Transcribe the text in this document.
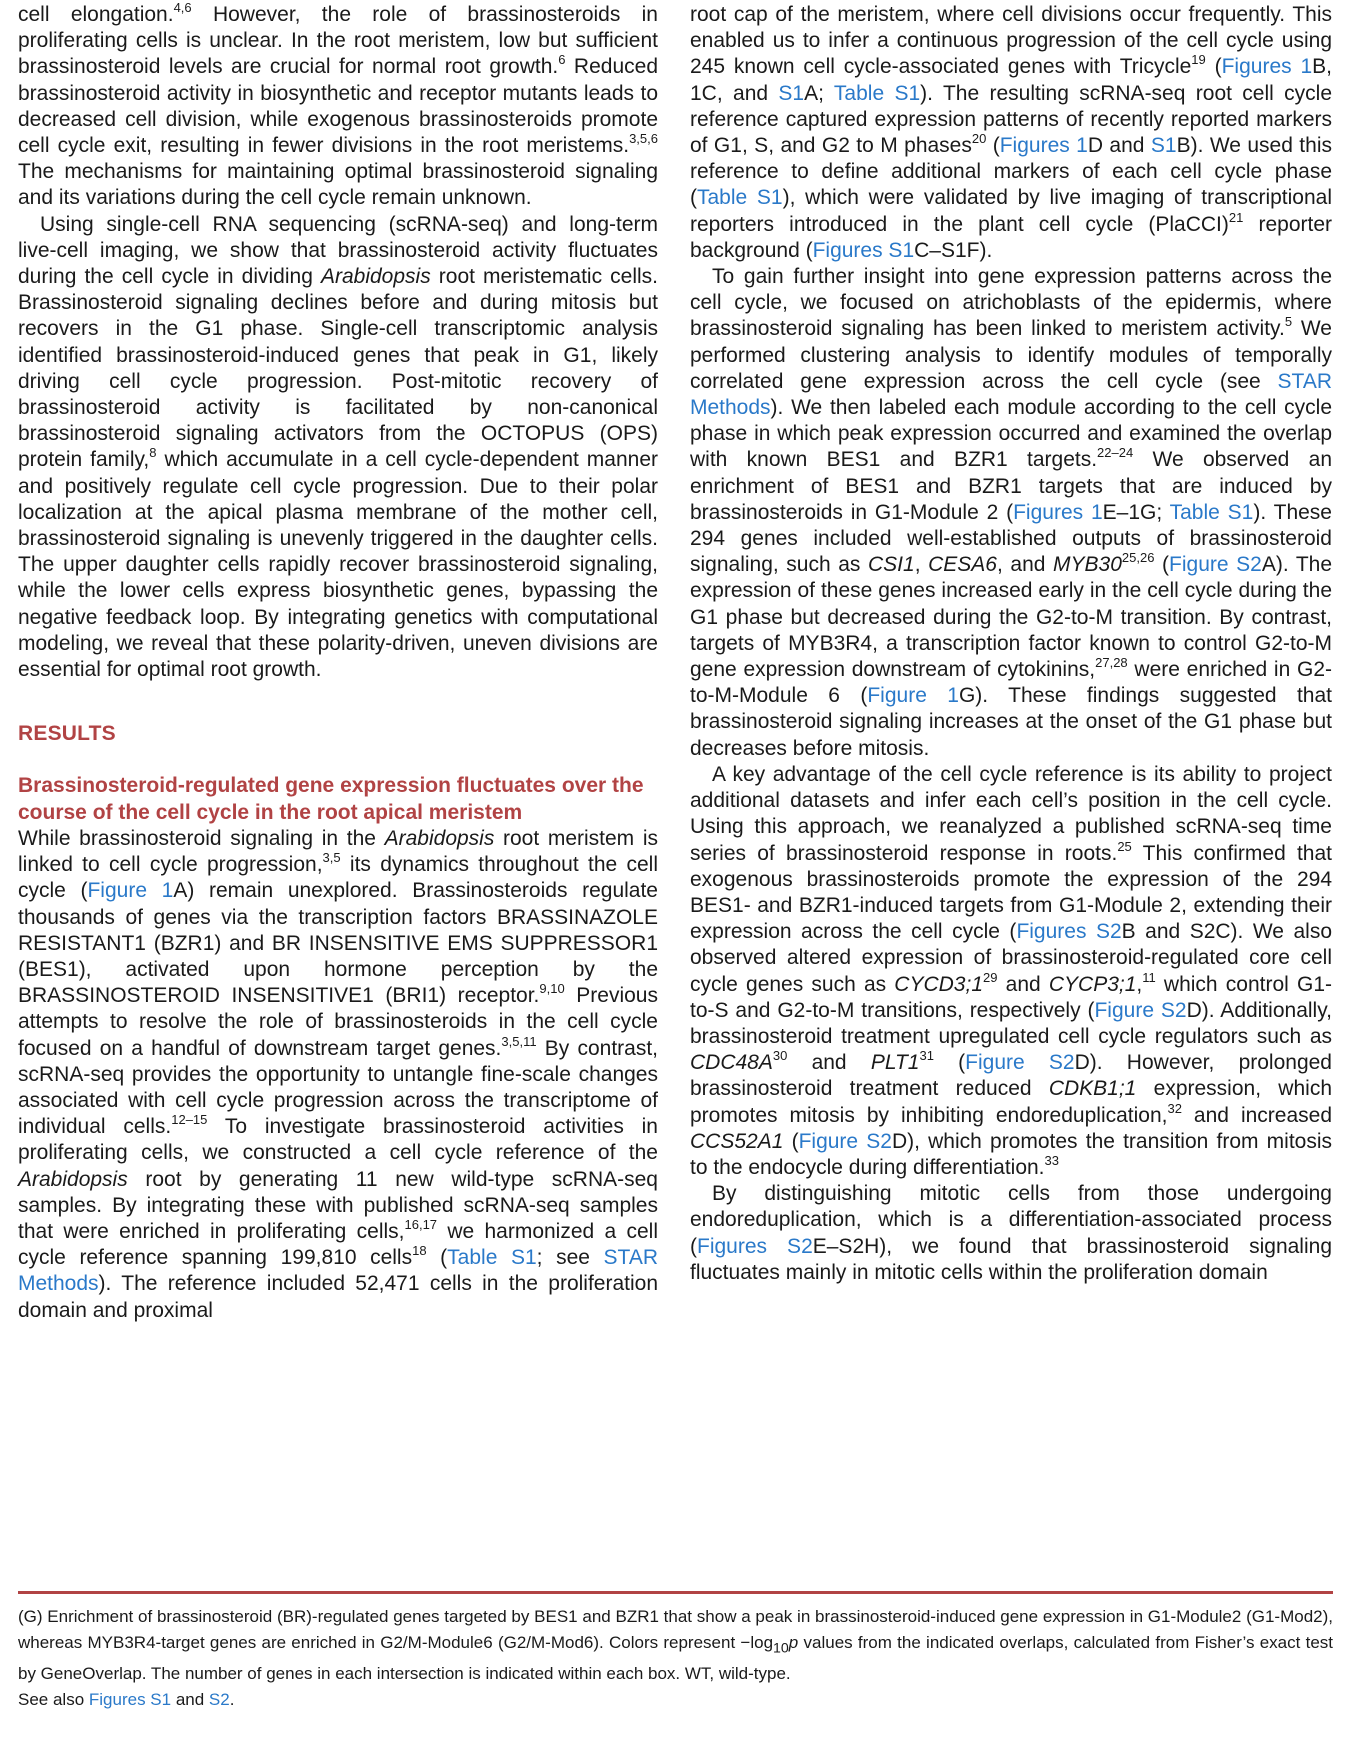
cell elongation.$^{4,6}$ However, the role of brassinosteroids in proliferating cells is unclear. In the root meristem, low but sufficient brassinosteroid levels are crucial for normal root growth.$^6$ Reduced brassinosteroid activity in biosynthetic and receptor mutants leads to decreased cell division, while exogenous brassinosteroids promote cell cycle exit, resulting in fewer divisions in the root meristems.$^{3,5,6}$ The mechanisms for maintaining optimal brassinosteroid signaling and its variations during the cell cycle remain unknown.

Using single-cell RNA sequencing (scRNA-seq) and long-term live-cell imaging, we show that brassinosteroid activity fluctuates during the cell cycle in dividing Arabidopsis root meristematic cells. Brassinosteroid signaling declines before and during mitosis but recovers in the G1 phase. Single-cell transcriptomic analysis identified brassinosteroid-induced genes that peak in G1, likely driving cell cycle progression. Post-mitotic recovery of brassinosteroid activity is facilitated by non-canonical brassinosteroid signaling activators from the OCTOPUS (OPS) protein family,$^8$ which accumulate in a cell cycle-dependent manner and positively regulate cell cycle progression. Due to their polar localization at the apical plasma membrane of the mother cell, brassinosteroid signaling is unevenly triggered in the daughter cells. The upper daughter cells rapidly recover brassinosteroid signaling, while the lower cells express biosynthetic genes, bypassing the negative feedback loop. By integrating genetics with computational modeling, we reveal that these polarity-driven, uneven divisions are essential for optimal root growth.

RESULTS
Brassinosteroid-regulated gene expression fluctuates over the course of the cell cycle in the root apical meristem

While brassinosteroid signaling in the Arabidopsis root meristem is linked to cell cycle progression,$^{3,5}$ its dynamics throughout the cell cycle (Figure 1A) remain unexplored. Brassinosteroids regulate thousands of genes via the transcription factors BRASSINAZOLE RESISTANT1 (BZR1) and BR INSENSITIVE EMS SUPPRESSOR1 (BES1), activated upon hormone perception by the BRASSINOSTEROID INSENSITIVE1 (BRI1) receptor.$^{9,10}$ Previous attempts to resolve the role of brassinosteroids in the cell cycle focused on a handful of downstream target genes.$^{3,5,11}$ By contrast, scRNA-seq provides the opportunity to untangle fine-scale changes associated with cell cycle progression across the transcriptome of individual cells.$^{12-15}$ To investigate brassinosteroid activities in proliferating cells, we constructed a cell cycle reference of the Arabidopsis root by generating 11 new wild-type scRNA-seq samples. By integrating these with published scRNA-seq samples that were enriched in proliferating cells,$^{16,17}$ we harmonized a cell cycle reference spanning 199,810 cells$^{18}$ (Table S1; see STAR Methods). The reference included 52,471 cells in the proliferation domain and proximal

root cap of the meristem, where cell divisions occur frequently. This enabled us to infer a continuous progression of the cell cycle using 245 known cell cycle-associated genes with Tricycle$^{19}$ (Figures 1B, 1C, and S1A; Table S1). The resulting scRNA-seq root cell cycle reference captured expression patterns of recently reported markers of G1, S, and G2 to M phases$^{20}$ (Figures 1D and S1B). We used this reference to define additional markers of each cell cycle phase (Table S1), which were validated by live imaging of transcriptional reporters introduced in the plant cell cycle (PlaCCI)$^{21}$ reporter background (Figures S1C–S1F).

To gain further insight into gene expression patterns across the cell cycle, we focused on atrichoblasts of the epidermis, where brassinosteroid signaling has been linked to meristem activity.$^5$ We performed clustering analysis to identify modules of temporally correlated gene expression across the cell cycle (see STAR Methods). We then labeled each module according to the cell cycle phase in which peak expression occurred and examined the overlap with known BES1 and BZR1 targets.$^{22-24}$ We observed an enrichment of BES1 and BZR1 targets that are induced by brassinosteroids in G1-Module 2 (Figures 1E–1G; Table S1). These 294 genes included well-established outputs of brassinosteroid signaling, such as CSI1, CESA6, and MYB30$^{25,26}$ (Figure S2A). The expression of these genes increased early in the cell cycle during the G1 phase but decreased during the G2-to-M transition. By contrast, targets of MYB3R4, a transcription factor known to control G2-to-M gene expression downstream of cytokinins,$^{27,28}$ were enriched in G2-to-M-Module 6 (Figure 1G). These findings suggested that brassinosteroid signaling increases at the onset of the G1 phase but decreases before mitosis.

A key advantage of the cell cycle reference is its ability to project additional datasets and infer each cell’s position in the cell cycle. Using this approach, we reanalyzed a published scRNA-seq time series of brassinosteroid response in roots.$^{25}$ This confirmed that exogenous brassinosteroids promote the expression of the 294 BES1- and BZR1-induced targets from G1-Module 2, extending their expression across the cell cycle (Figures S2B and S2C). We also observed altered expression of brassinosteroid-regulated core cell cycle genes such as $CYCD3;1^{29}$ and CYCP3;1,11 which control G1-to-S and G2-to-M transitions, respectively (Figure S2D). Additionally, brassinosteroid treatment upregulated cell cycle regulators such as $CDC48A^{30}$ and $PLT1^{31}$ (Figure S2D). However, prolonged brassinosteroid treatment reduced CDKB1;1 expression, which promotes mitosis by inhibiting endoreduplication,$^{32}$ and increased CCS52A1 (Figure S2D), which promotes the transition from mitosis to the endocycle during differentiation.$^{33}$

By distinguishing mitotic cells from those undergoing endoreduplication, which is a differentiation-associated process (Figures S2E–S2H), we found that brassinosteroid signaling fluctuates mainly in mitotic cells within the proliferation domain

(G) Enrichment of brassinosteroid (BR)-regulated genes targeted by BES1 and BZR1 that show a peak in brassinosteroid-induced gene expression in G1-Module2 (G1-Mod2), whereas MYB3R4-target genes are enriched in G2/M-Module6 (G2/M-Mod6). Colors represent $-\log_{10}p$ values from the indicated overlaps, calculated from Fisher’s exact test by GeneOverlap. The number of genes in each intersection is indicated within each box. WT, wild-type.

See also Figures S1 and S2.
